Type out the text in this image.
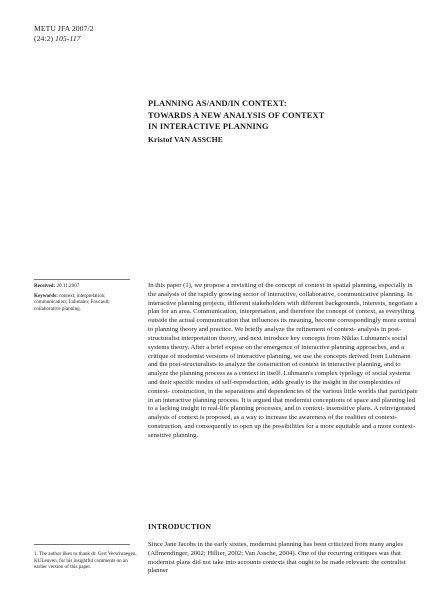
METU JFA 2007/2
(24:2) 105-117
PLANNING AS/AND/IN CONTEXT:
TOWARDS A NEW ANALYSIS OF CONTEXT
IN INTERACTIVE PLANNING
Kristof VAN ASSCHE

Received: 20.11.2007

Keywords: context; interpretation; communication; Luhmann; Foucault; collaborative planning.

In this paper (1), we propose a revisiting of the concept of context in spatial planning, especially in the analysis of the rapidly growing sector of interactive, collaborative, communicative planning. In interactive planning projects, different stakeholders with different backgrounds, interests, negotiate a plan for an area. Communication, interpretation, and therefore the concept of context, as everything outside the actual communication that influences its meaning, become correspondingly more central to planning theory and practice. We briefly analyze the refinement of context- analysis in post- structuralist interpretation theory, and next introduce key concepts from Niklas Luhmann's social systems theory. After a brief expose on the emergence of interactive planning approaches, and a critique of modernist versions of interactive planning, we use the concepts derived from Luhmann and the post-structuralists to analyze the construction of context in interactive planning, and to analyze the planning process as a context in itself. Luhmann's complex typology of social systems and their specific modes of self-reproduction, adds greatly to the insight in the complexities of context- construction, in the separations and dependencies of the various little worlds that participate in an interactive planning process. It is argued that modernist conceptions of space and planning led to a lacking insight in real-life planning processes, and to context- insensitive plans. A reinvigorated analysis of context is proposed, as a way to increase the awareness of the realities of context-construction, and consequently to open up the possibilities for a more equitable and a more context- sensitive planning.

INTRODUCTION

Since Jane Jacobs in the early sixties, modernist planning has been criticized from many angles (Allmendinger, 2002; Hillier, 2002; Van Assche, 2004). One of the recurring critiques was that modernist plans did not take into accounts contexts that ought to be made relevant: the centralist planner

1. The author likes to thank dr. Gert Verschraegen, KULeuven, for his insightful comments on an earlier version of this paper.
